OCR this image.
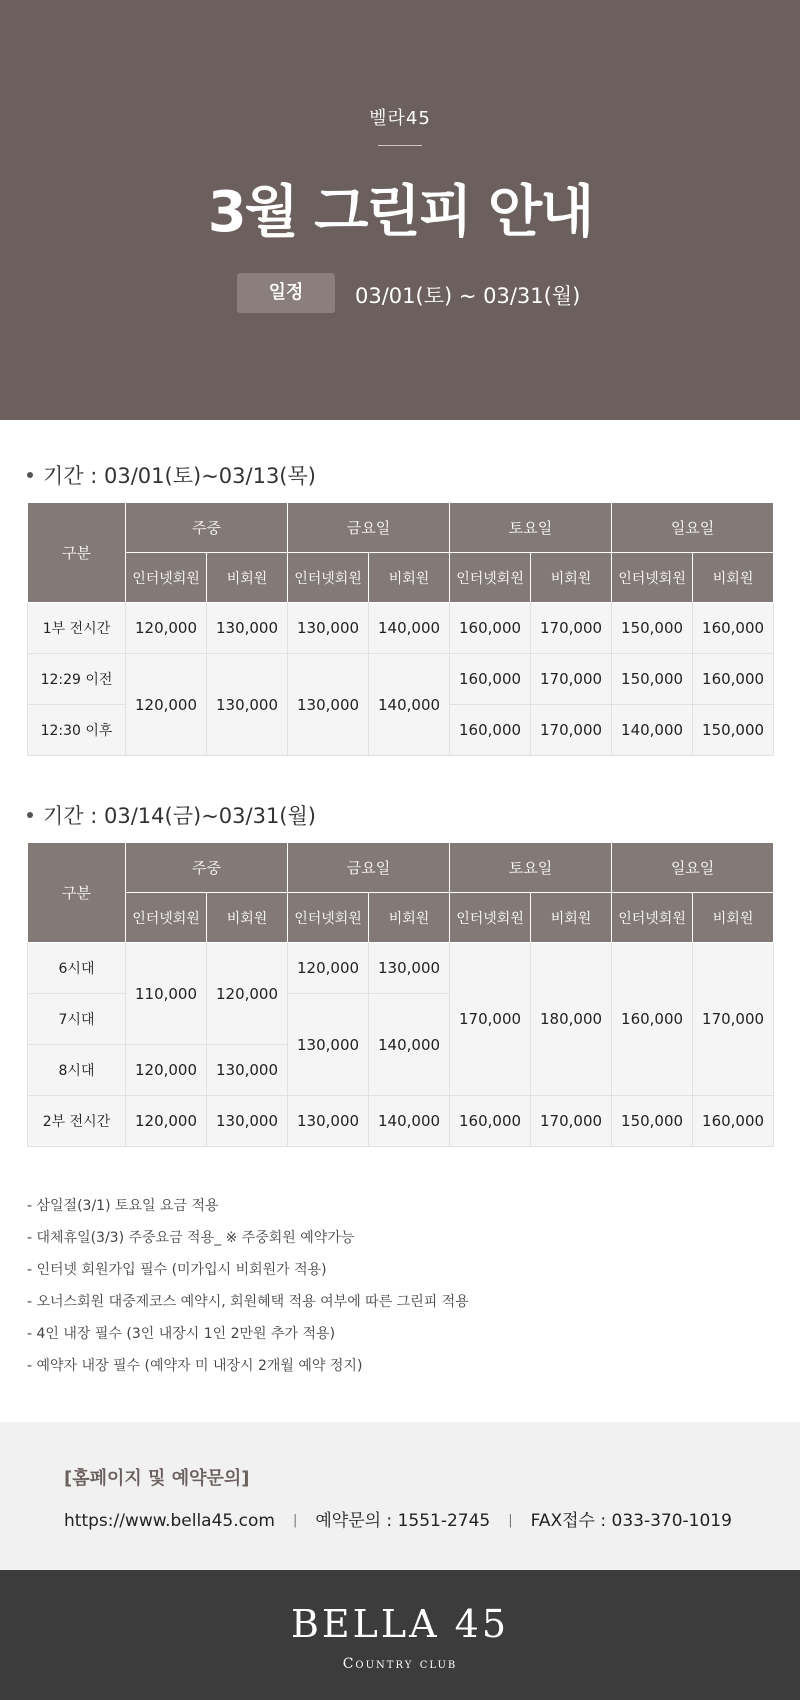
벨라45
3월 그린피 안내
일정	03/01(토) ~ 03/31(월)
기간 : 03/01(토)~03/13(목)
구분	주중		금요일		토요일		일요일	
	인터넷회원	비회원	인터넷회원	비회원	인터넷회원	비회원	인터넷회원	비회원
1부 전시간	120,000	130,000	130,000	140,000	160,000	170,000	150,000	160,000
12:29 이전	120,000	130,000	130,000	140,000	160,000	170,000	150,000	160,000
12:30 이후					160,000	170,000	140,000	150,000
기간 : 03/14(금)~03/31(월)
구분	주중		금요일		토요일		일요일	
	인터넷회원	비회원	인터넷회원	비회원	인터넷회원	비회원	인터넷회원	비회원
6시대	110,000	120,000	120,000	130,000	170,000	180,000	160,000	170,000
7시대			130,000	140,000				
8시대	120,000	130,000						
2부 전시간	120,000	130,000	130,000	140,000	160,000	170,000	150,000	160,000
- 삼일절(3/1) 토요일 요금 적용
- 대체휴일(3/3) 주중요금 적용_ ※ 주중회원 예약가능
- 인터넷 회원가입 필수 (미가입시 비회원가 적용)
- 오너스회원 대중제코스 예약시, 회원혜택 적용 여부에 따른 그린피 적용
- 4인 내장 필수 (3인 내장시 1인 2만원 추가 적용)
- 예약자 내장 필수 (예약자 미 내장시 2개월 예약 정지)
[홈페이지 및 예약문의]
https://www.bella45.com | 예약문의 : 1551-2745 | FAX접수 : 033-370-1019
BELLA 45
Country club
